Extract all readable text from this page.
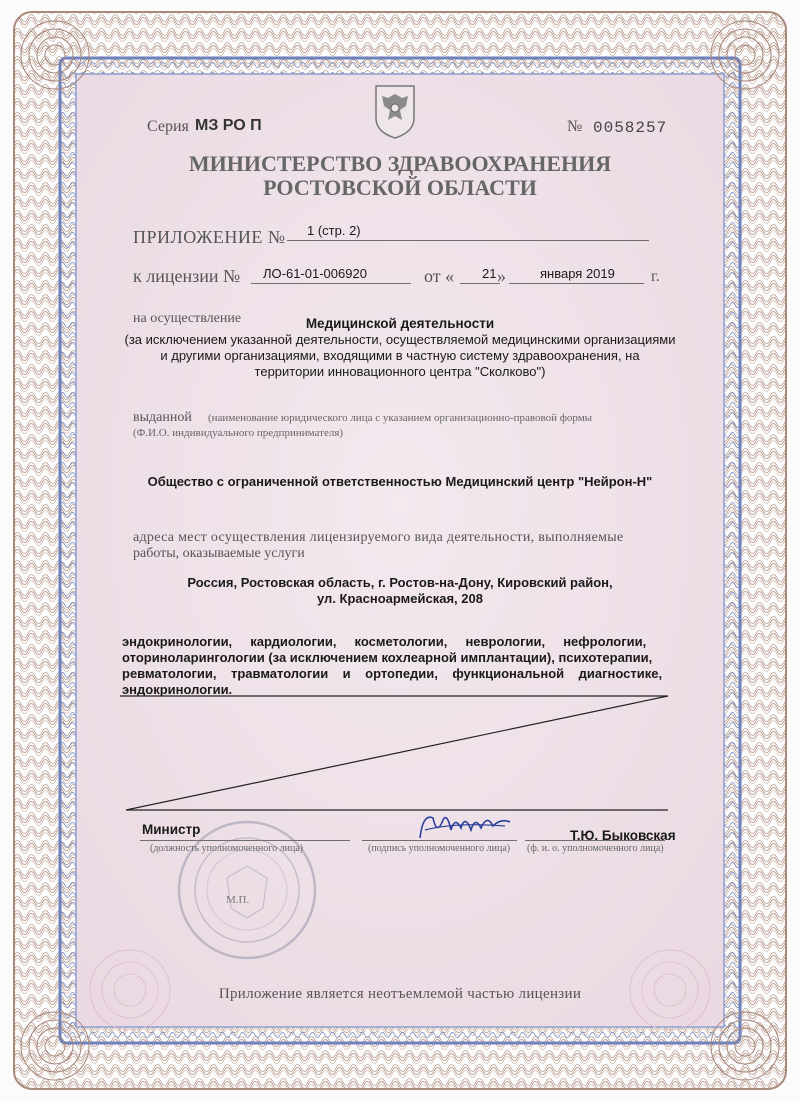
Серия МЗ РО П	№ 0058257
МИНИСТЕРСТВО ЗДРАВООХРАНЕНИЯ
РОСТОВСКОЙ ОБЛАСТИ
ПРИЛОЖЕНИЕ № 1 (стр. 2)
к лицензии № ЛО-61-01-006920	от « 21 »	января 2019 г.
на осуществление	Медицинской деятельности
(за исключением указанной деятельности, осуществляемой медицинскими организациями
и другими организациями, входящими в частную систему здравоохранения, на
территории инновационного центра "Сколково")
выданной (наименование юридического лица с указанием организационно-правовой формы
(Ф.И.О. индивидуального предпринимателя)
Общество с ограниченной ответственностью Медицинский центр "Нейрон-Н"
адреса мест осуществления лицензируемого вида деятельности, выполняемые
работы, оказываемые услуги
Россия, Ростовская область, г. Ростов-на-Дону, Кировский район,
ул. Красноармейская, 208
эндокринологии,     кардиологии,     косметологии,     неврологии,     нефрологии,
оториноларингологии (за исключением кохлеарной имплантации), психотерапии,
ревматологии,    травматологии    и    ортопедии,    функциональной    диагностике,
эндокринологии.
Министр
(должность уполномоченного лица)	(подпись уполномоченного лица)
Т.Ю. Быковская
(ф. и. о. уполномоченного лица)
М.П.
Приложение является неотъемлемой частью лицензии
